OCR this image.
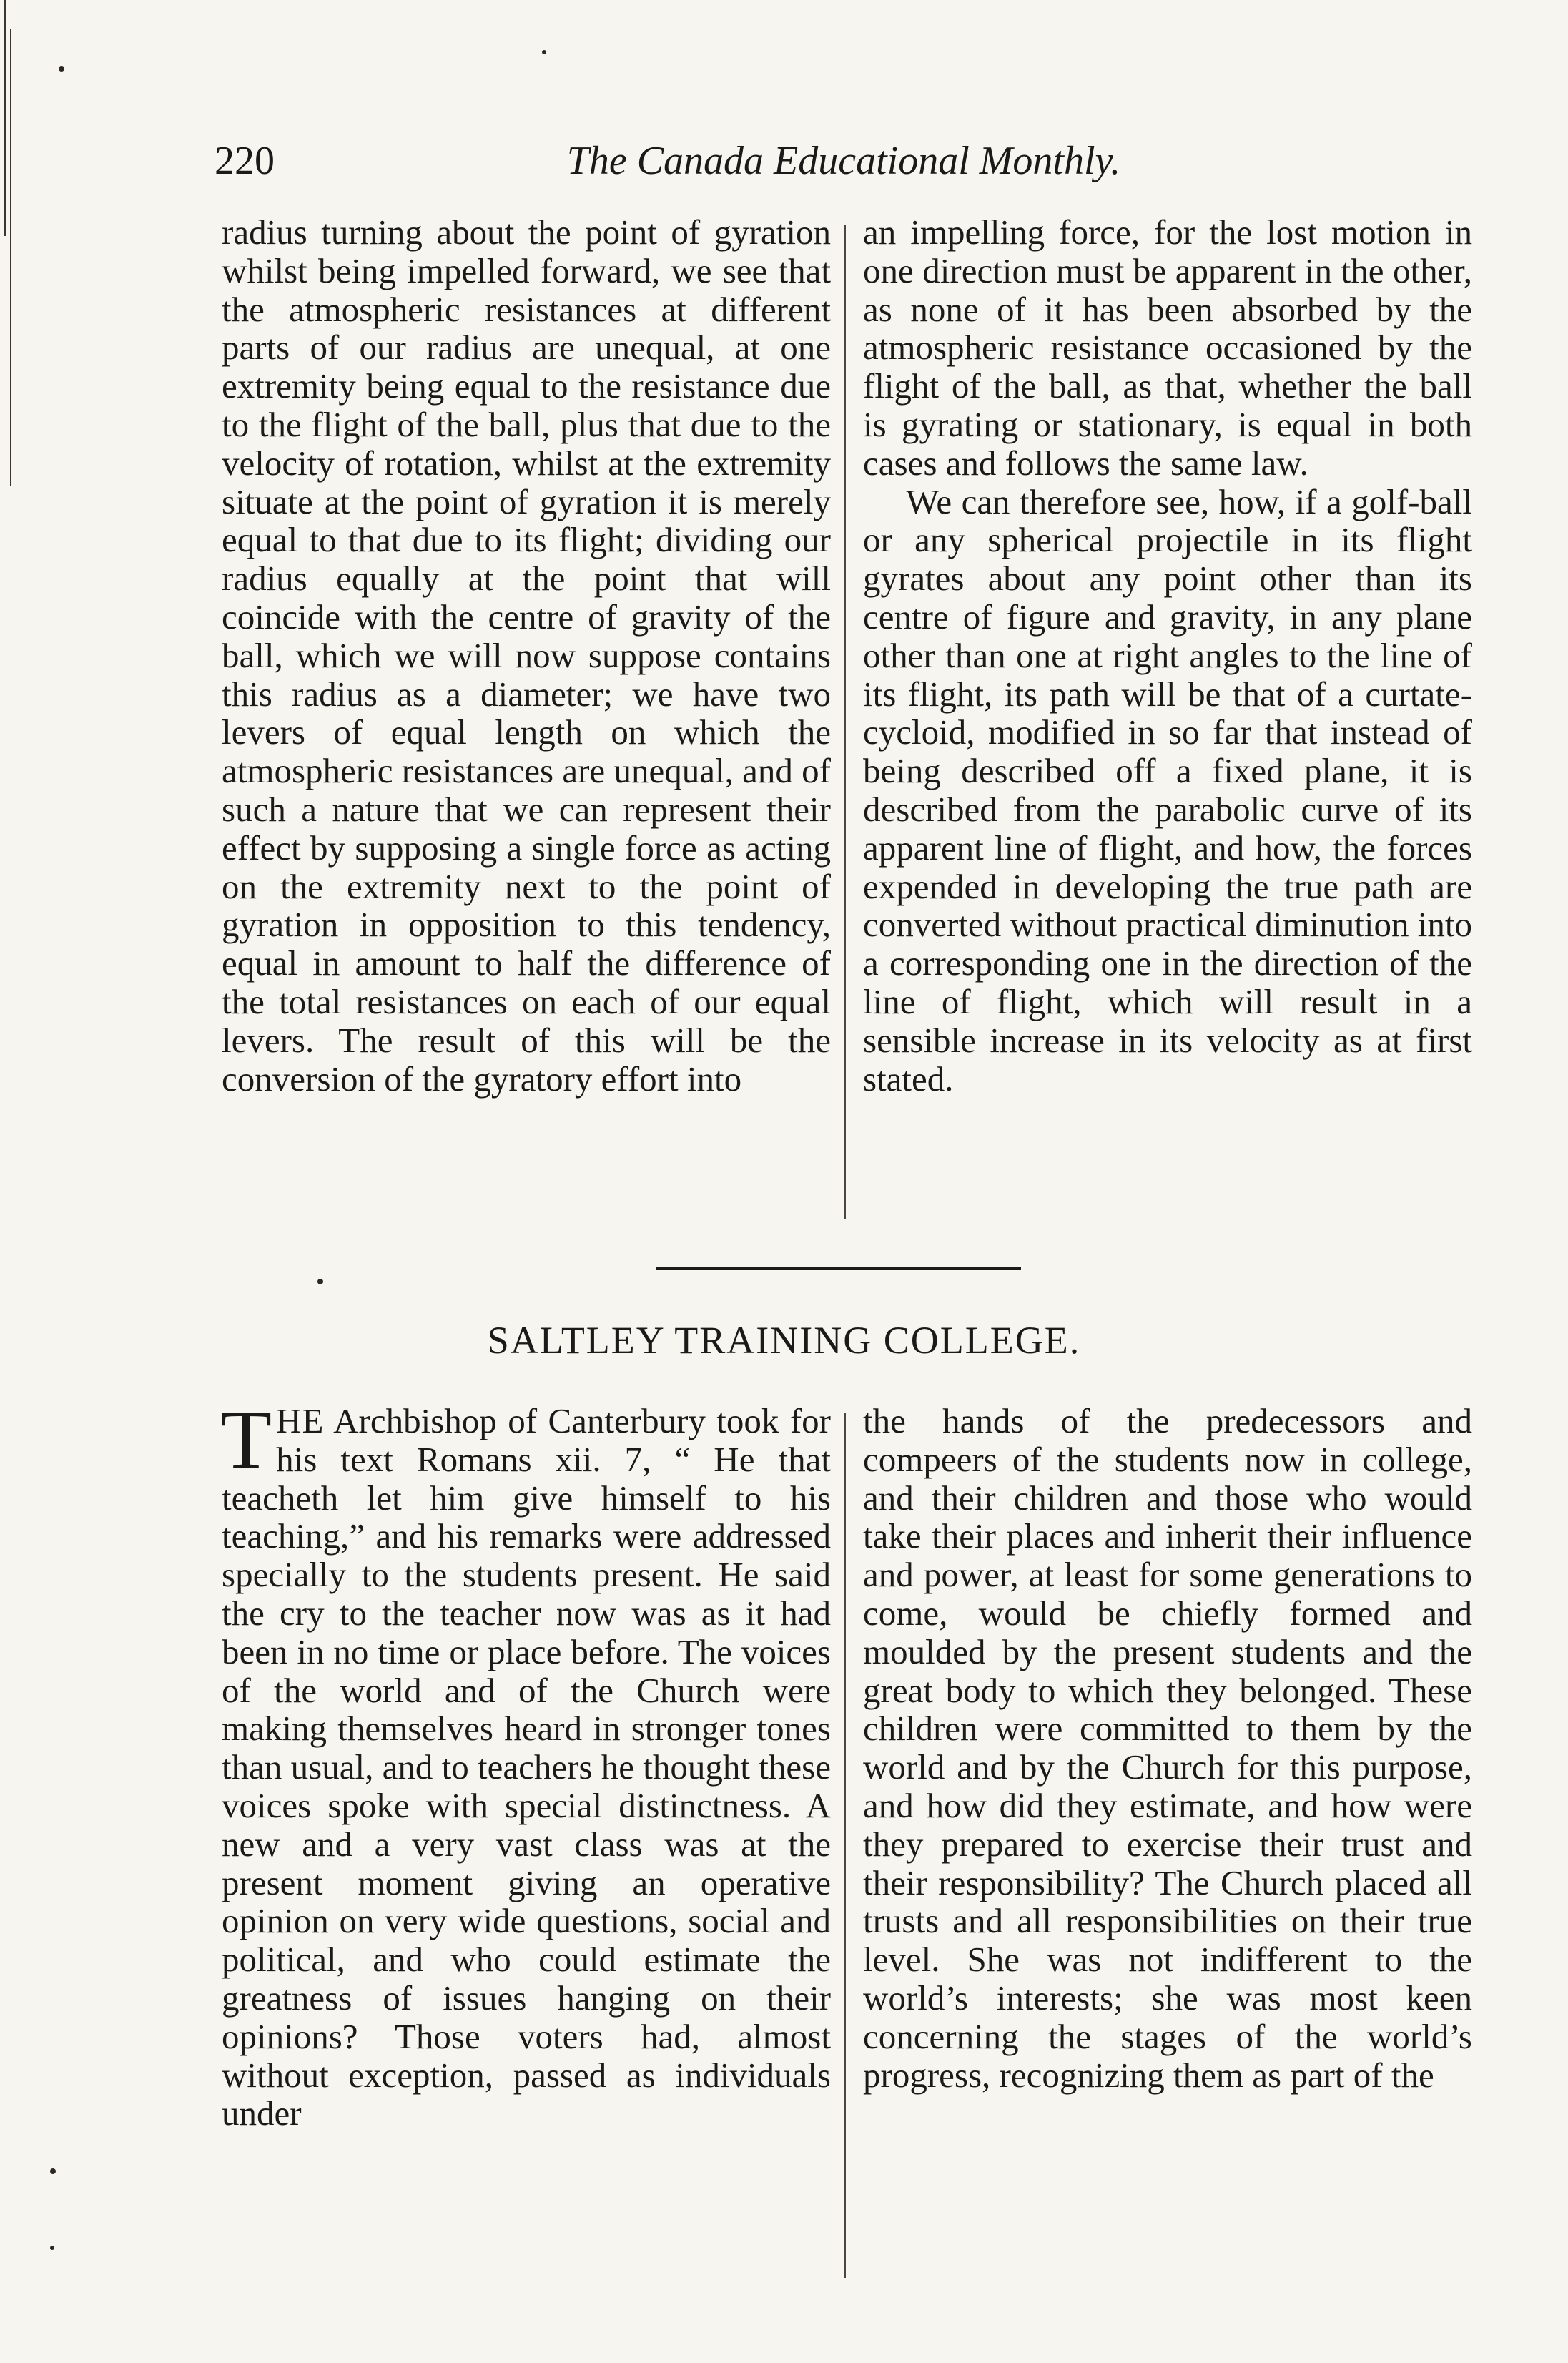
The Canada Educational Monthly.
220

radius turning about the point of gyration whilst being impelled forward, we see that the atmospheric resistances at different parts of our radius are unequal, at one extremity being equal to the resistance due to the flight of the ball, plus that due to the velocity of rotation, whilst at the extremity situate at the point of gyration it is merely equal to that due to its flight; dividing our radius equally at the point that will coincide with the centre of gravity of the ball, which we will now suppose contains this radius as a diameter; we have two levers of equal length on which the atmospheric resistances are unequal, and of such a nature that we can represent their effect by supposing a single force as acting on the extremity next to the point of gyration in opposition to this tendency, equal in amount to half the difference of the total resistances on each of our equal levers. The result of this will be the conversion of the gyratory effort into

an impelling force, for the lost motion in one direction must be apparent in the other, as none of it has been absorbed by the atmospheric resistance occasioned by the flight of the ball, as that, whether the ball is gyrating or stationary, is equal in both cases and follows the same law.

We can therefore see, how, if a golf-ball or any spherical projectile in its flight gyrates about any point other than its centre of figure and gravity, in any plane other than one at right angles to the line of its flight, its path will be that of a curtate-cycloid, modified in so far that instead of being described off a fixed plane, it is described from the parabolic curve of its apparent line of flight, and how, the forces expended in developing the true path are converted without practical diminution into a corresponding one in the direction of the line of flight, which will result in a sensible increase in its velocity as at first stated.

SALTLEY TRAINING COLLEGE.

THE Archbishop of Canterbury took for his text Romans xii. 7, “ He that teacheth let him give himself to his teaching,” and his remarks were addressed specially to the students present. He said the cry to the teacher now was as it had been in no time or place before. The voices of the world and of the Church were making themselves heard in stronger tones than usual, and to teachers he thought these voices spoke with special distinctness. A new and a very vast class was at the present moment giving an operative opinion on very wide questions, social and political, and who could estimate the greatness of issues hanging on their opinions? Those voters had, almost without exception, passed as individuals under

the hands of the predecessors and compeers of the students now in college, and their children and those who would take their places and inherit their influence and power, at least for some generations to come, would be chiefly formed and moulded by the present students and the great body to which they belonged. These children were committed to them by the world and by the Church for this purpose, and how did they estimate, and how were they prepared to exercise their trust and their responsibility? The Church placed all trusts and all responsibilities on their true level. She was not indifferent to the world’s interests; she was most keen concerning the stages of the world’s progress, recognizing them as part of the
